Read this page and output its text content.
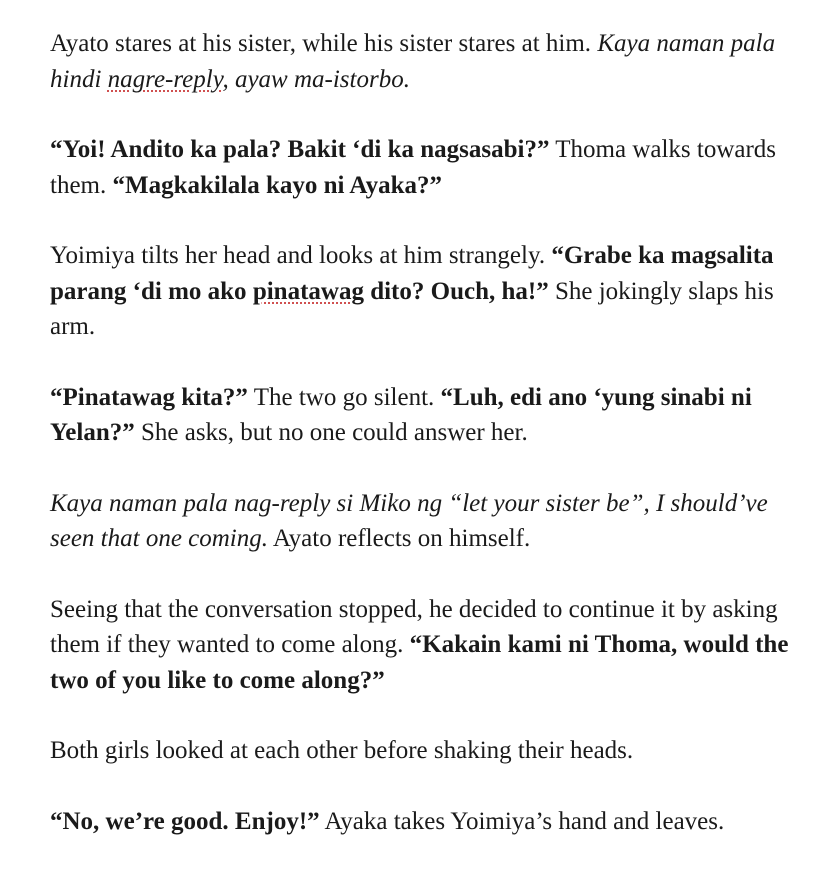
Ayato stares at his sister, while his sister stares at him. Kaya naman pala hindi nagre-reply, ayaw ma-istorbo.

“Yoi! Andito ka pala? Bakit ‘di ka nagsasabi?” Thoma walks towards them. “Magkakilala kayo ni Ayaka?”

Yoimiya tilts her head and looks at him strangely. “Grabe ka magsalita parang ‘di mo ako pinatawag dito? Ouch, ha!” She jokingly slaps his arm.

“Pinatawag kita?” The two go silent. “Luh, edi ano ‘yung sinabi ni Yelan?” She asks, but no one could answer her.

Kaya naman pala nag-reply si Miko ng “let your sister be”, I should’ve seen that one coming. Ayato reflects on himself.

Seeing that the conversation stopped, he decided to continue it by asking them if they wanted to come along. “Kakain kami ni Thoma, would the two of you like to come along?”

Both girls looked at each other before shaking their heads.

“No, we’re good. Enjoy!” Ayaka takes Yoimiya’s hand and leaves.
